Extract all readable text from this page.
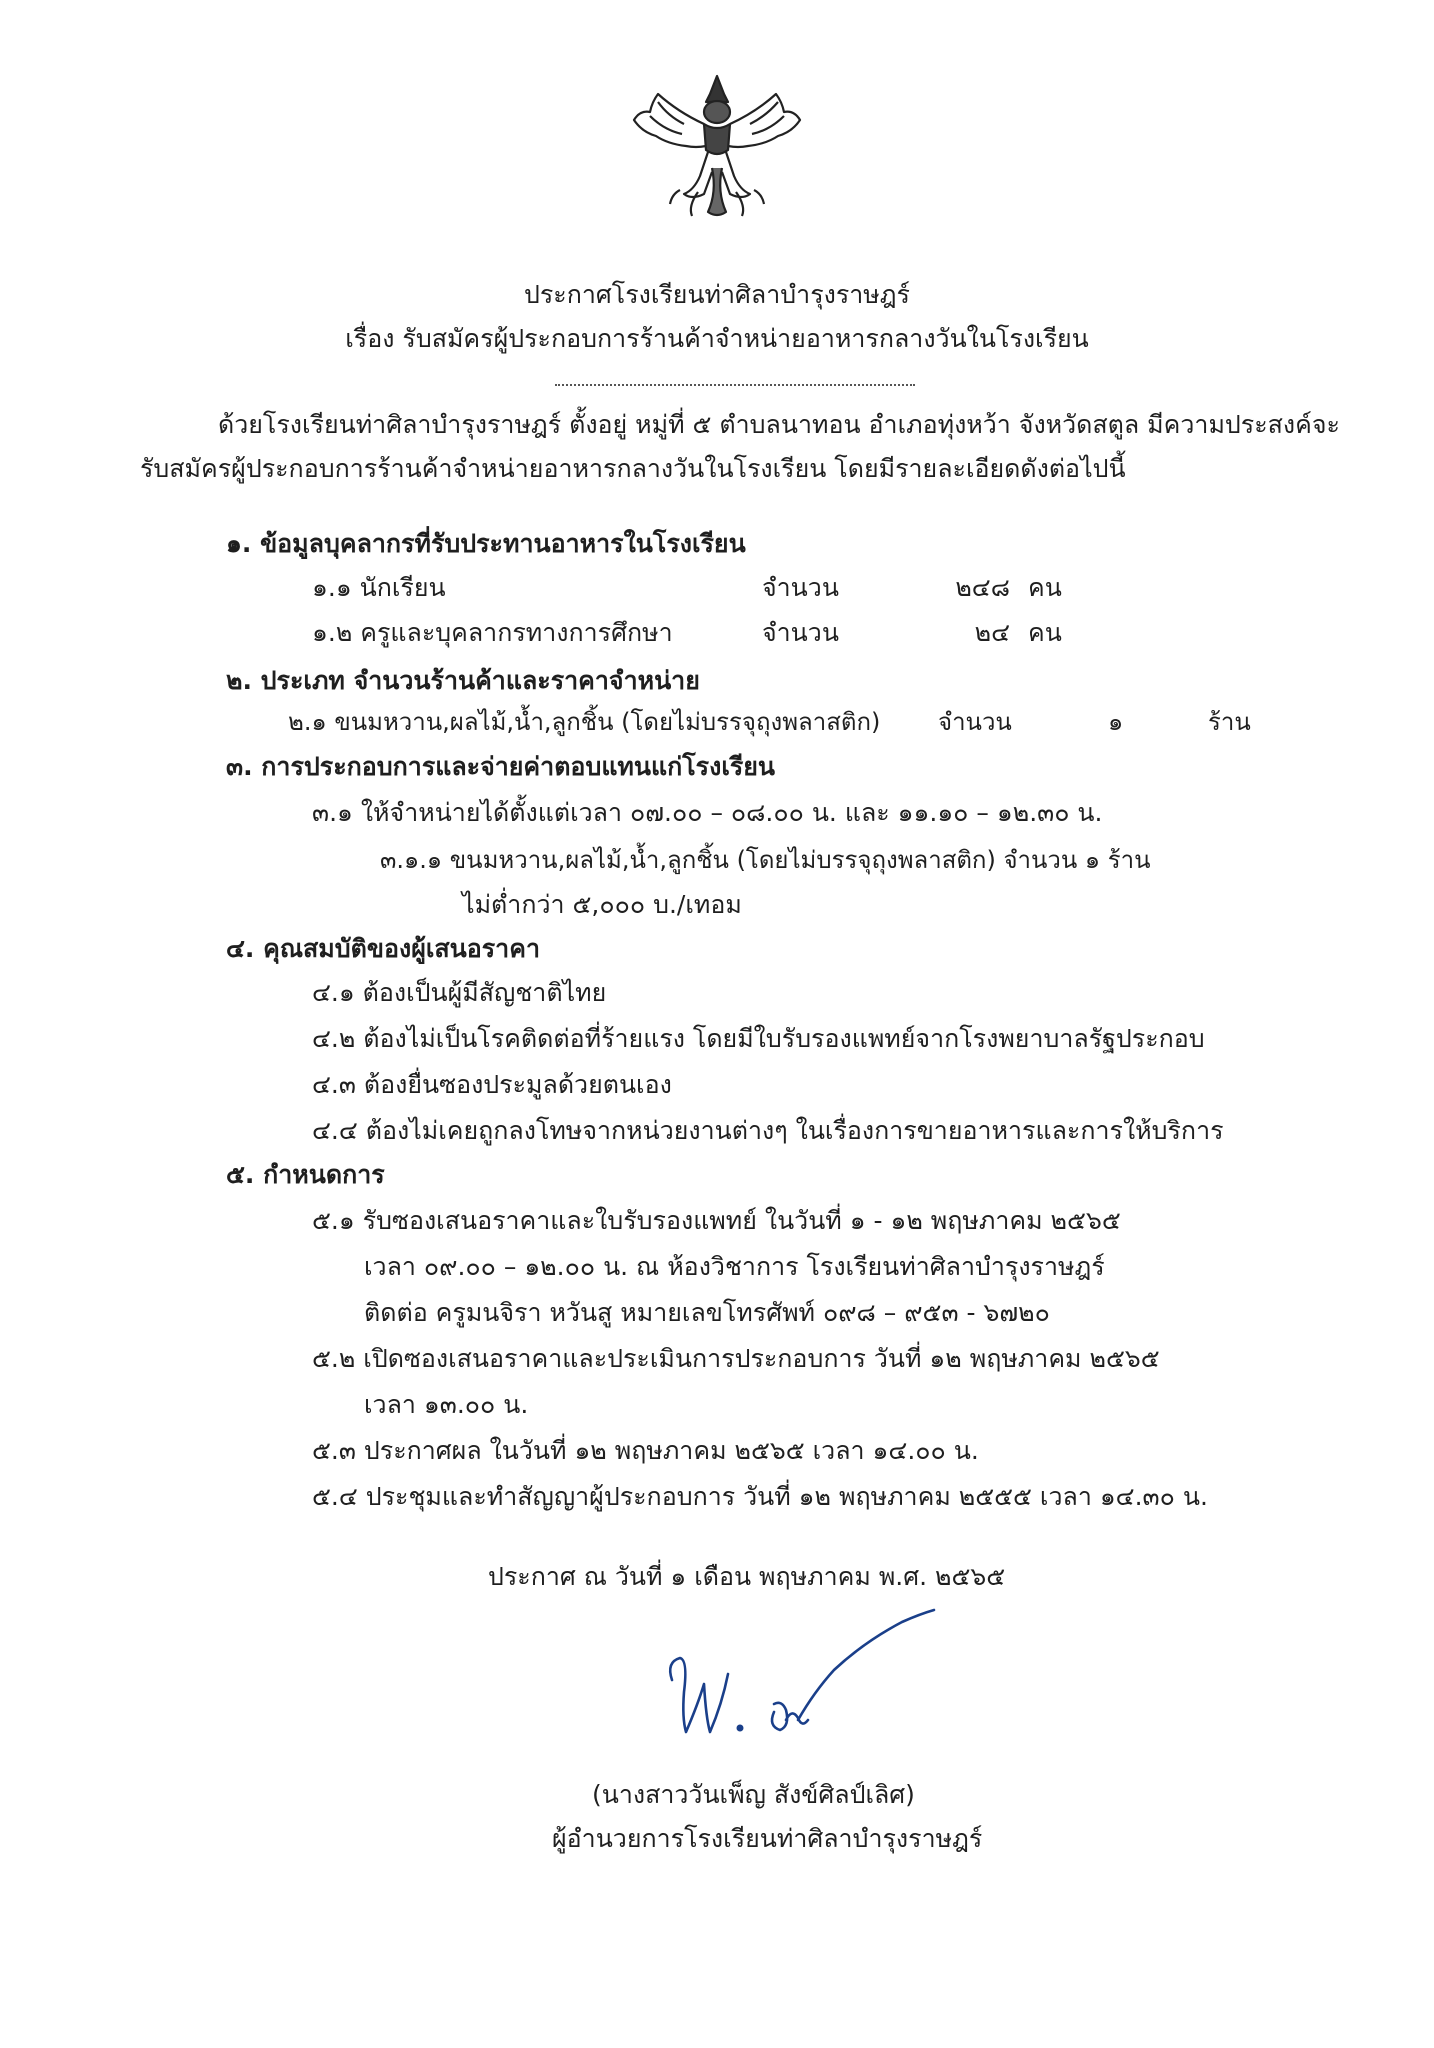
ประกาศโรงเรียนท่าศิลาบำรุงราษฎร์
เรื่อง รับสมัครผู้ประกอบการร้านค้าจำหน่ายอาหารกลางวันในโรงเรียน
ด้วยโรงเรียนท่าศิลาบำรุงราษฎร์ ตั้งอยู่ หมู่ที่ ๕ ตำบลนาทอน อำเภอทุ่งหว้า จังหวัดสตูล มีความประสงค์จะ
รับสมัครผู้ประกอบการร้านค้าจำหน่ายอาหารกลางวันในโรงเรียน โดยมีรายละเอียดดังต่อไปนี้
๑. ข้อมูลบุคลากรที่รับประทานอาหารในโรงเรียน
๑.๑ นักเรียน	จำนวน	๒๔๘ คน
๑.๒ ครูและบุคลากรทางการศึกษา	จำนวน	๒๔ คน
๒. ประเภท จำนวนร้านค้าและราคาจำหน่าย
๒.๑ ขนมหวาน,ผลไม้,น้ำ,ลูกชิ้น (โดยไม่บรรจุถุงพลาสติก) จำนวน	๑	ร้าน
๓. การประกอบการและจ่ายค่าตอบแทนแก่โรงเรียน
๓.๑ ให้จำหน่ายได้ตั้งแต่เวลา ๐๗.๐๐ – ๐๘.๐๐ น. และ ๑๑.๑๐ – ๑๒.๓๐ น.
๓.๑.๑ ขนมหวาน,ผลไม้,น้ำ,ลูกชิ้น (โดยไม่บรรจุถุงพลาสติก) จำนวน ๑ ร้าน
ไม่ต่ำกว่า ๕,๐๐๐ บ./เทอม
๔. คุณสมบัติของผู้เสนอราคา
๔.๑ ต้องเป็นผู้มีสัญชาติไทย
๔.๒ ต้องไม่เป็นโรคติดต่อที่ร้ายแรง โดยมีใบรับรองแพทย์จากโรงพยาบาลรัฐประกอบ
๔.๓ ต้องยื่นซองประมูลด้วยตนเอง
๔.๔ ต้องไม่เคยถูกลงโทษจากหน่วยงานต่างๆ ในเรื่องการขายอาหารและการให้บริการ
๕. กำหนดการ
๕.๑ รับซองเสนอราคาและใบรับรองแพทย์ ในวันที่ ๑ - ๑๒ พฤษภาคม ๒๕๖๕
เวลา ๐๙.๐๐ – ๑๒.๐๐ น. ณ ห้องวิชาการ โรงเรียนท่าศิลาบำรุงราษฎร์
ติดต่อ ครูมนจิรา หวันสู หมายเลขโทรศัพท์ ๐๙๘ – ๙๕๓ - ๖๗๒๐
๕.๒ เปิดซองเสนอราคาและประเมินการประกอบการ วันที่ ๑๒ พฤษภาคม ๒๕๖๕
เวลา ๑๓.๐๐ น.
๕.๓ ประกาศผล ในวันที่ ๑๒ พฤษภาคม ๒๕๖๕ เวลา ๑๔.๐๐ น.
๕.๔ ประชุมและทำสัญญาผู้ประกอบการ วันที่ ๑๒ พฤษภาคม ๒๕๕๕ เวลา ๑๔.๓๐ น.
ประกาศ ณ วันที่ ๑ เดือน พฤษภาคม พ.ศ. ๒๕๖๕
(นางสาววันเพ็ญ สังข์ศิลป์เลิศ)
ผู้อำนวยการโรงเรียนท่าศิลาบำรุงราษฎร์
